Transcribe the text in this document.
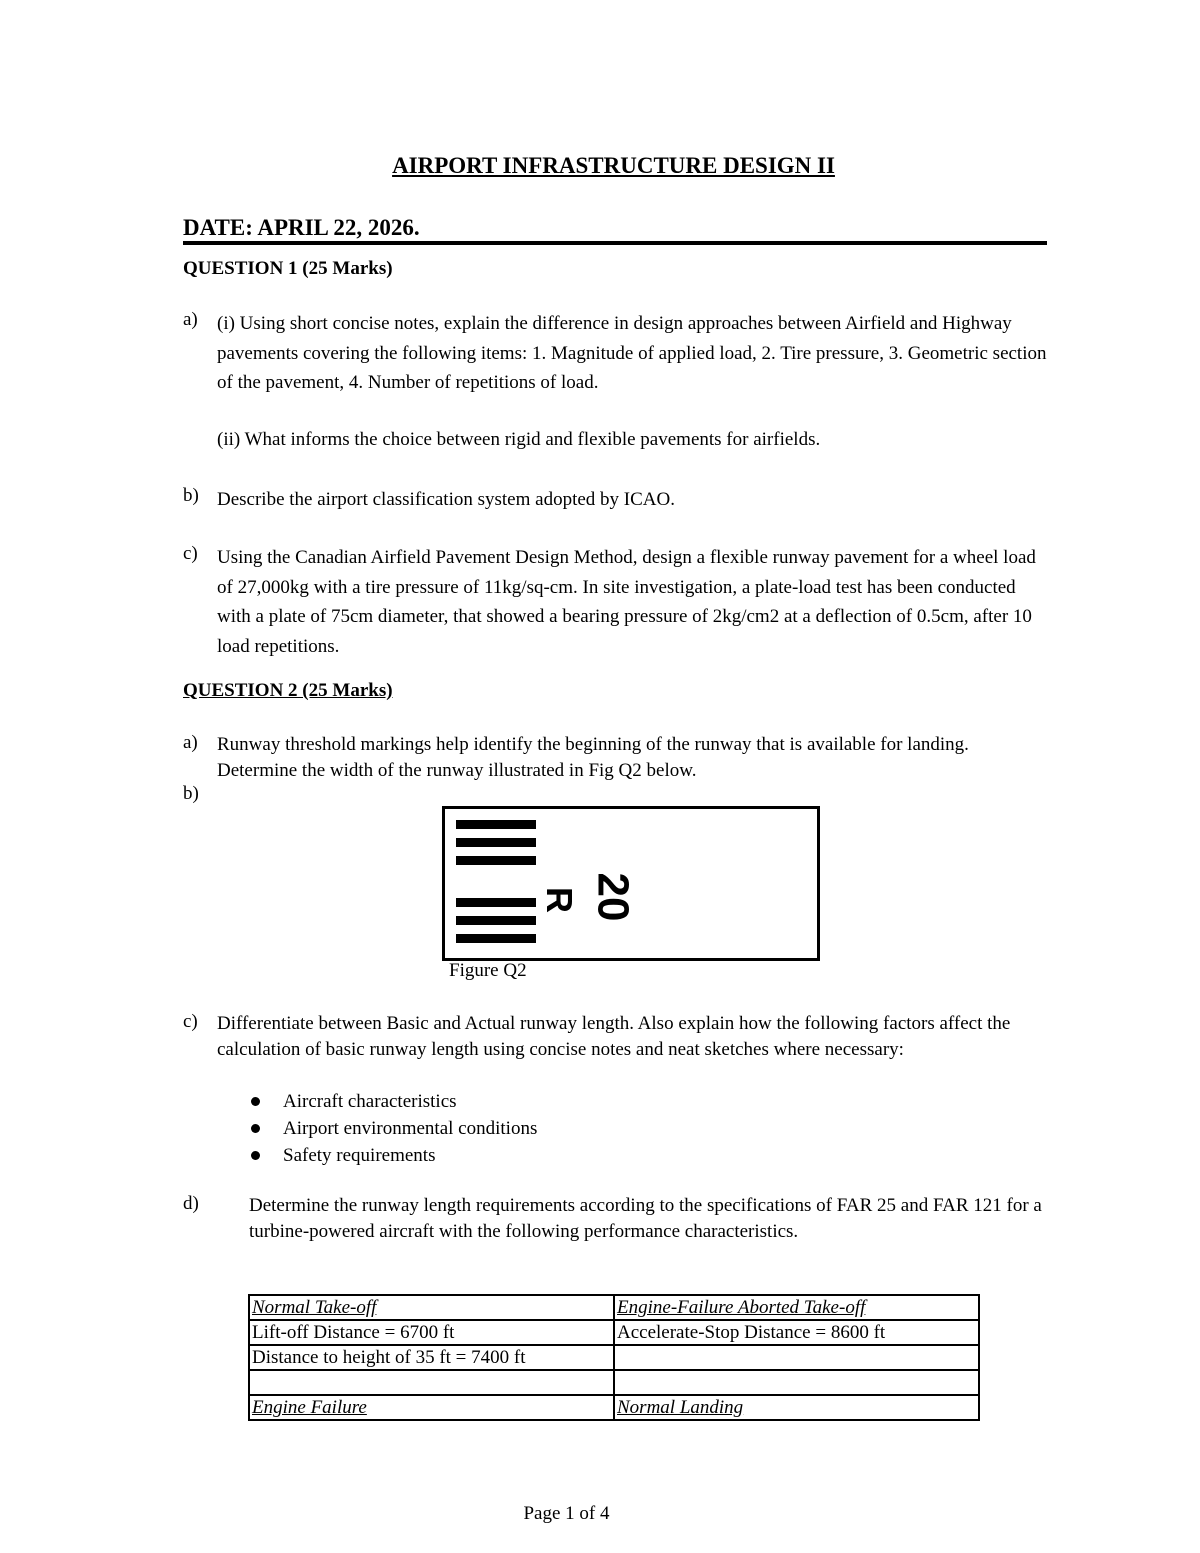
AIRPORT INFRASTRUCTURE DESIGN II
DATE: APRIL 22, 2026.
QUESTION 1 (25 Marks)
a) (i) Using short concise notes, explain the difference in design approaches between Airfield and Highway pavements covering the following items: 1. Magnitude of applied load, 2. Tire pressure, 3. Geometric section of the pavement, 4. Number of repetitions of load.
(ii) What informs the choice between rigid and flexible pavements for airfields.
b) Describe the airport classification system adopted by ICAO.
c) Using the Canadian Airfield Pavement Design Method, design a flexible runway pavement for a wheel load of 27,000kg with a tire pressure of 11kg/sq-cm. In site investigation, a plate-load test has been conducted with a plate of 75cm diameter, that showed a bearing pressure of 2kg/cm2 at a deflection of 0.5cm, after 10 load repetitions.
QUESTION 2 (25 Marks)
a) Runway threshold markings help identify the beginning of the runway that is available for landing. Determine the width of the runway illustrated in Fig Q2 below.
b)
R 20
Figure Q2
c) Differentiate between Basic and Actual runway length. Also explain how the following factors affect the calculation of basic runway length using concise notes and neat sketches where necessary:
Aircraft characteristics
Airport environmental conditions
Safety requirements
d)	Determine the runway length requirements according to the specifications of FAR 25 and FAR 121 for a turbine-powered aircraft with the following performance characteristics.
Normal Take-off	Engine-Failure Aborted Take-off
Lift-off Distance = 6700 ft	Accelerate-Stop Distance = 8600 ft
Distance to height of 35 ft = 7400 ft	

Engine Failure	Normal Landing
Page 1 of 4
